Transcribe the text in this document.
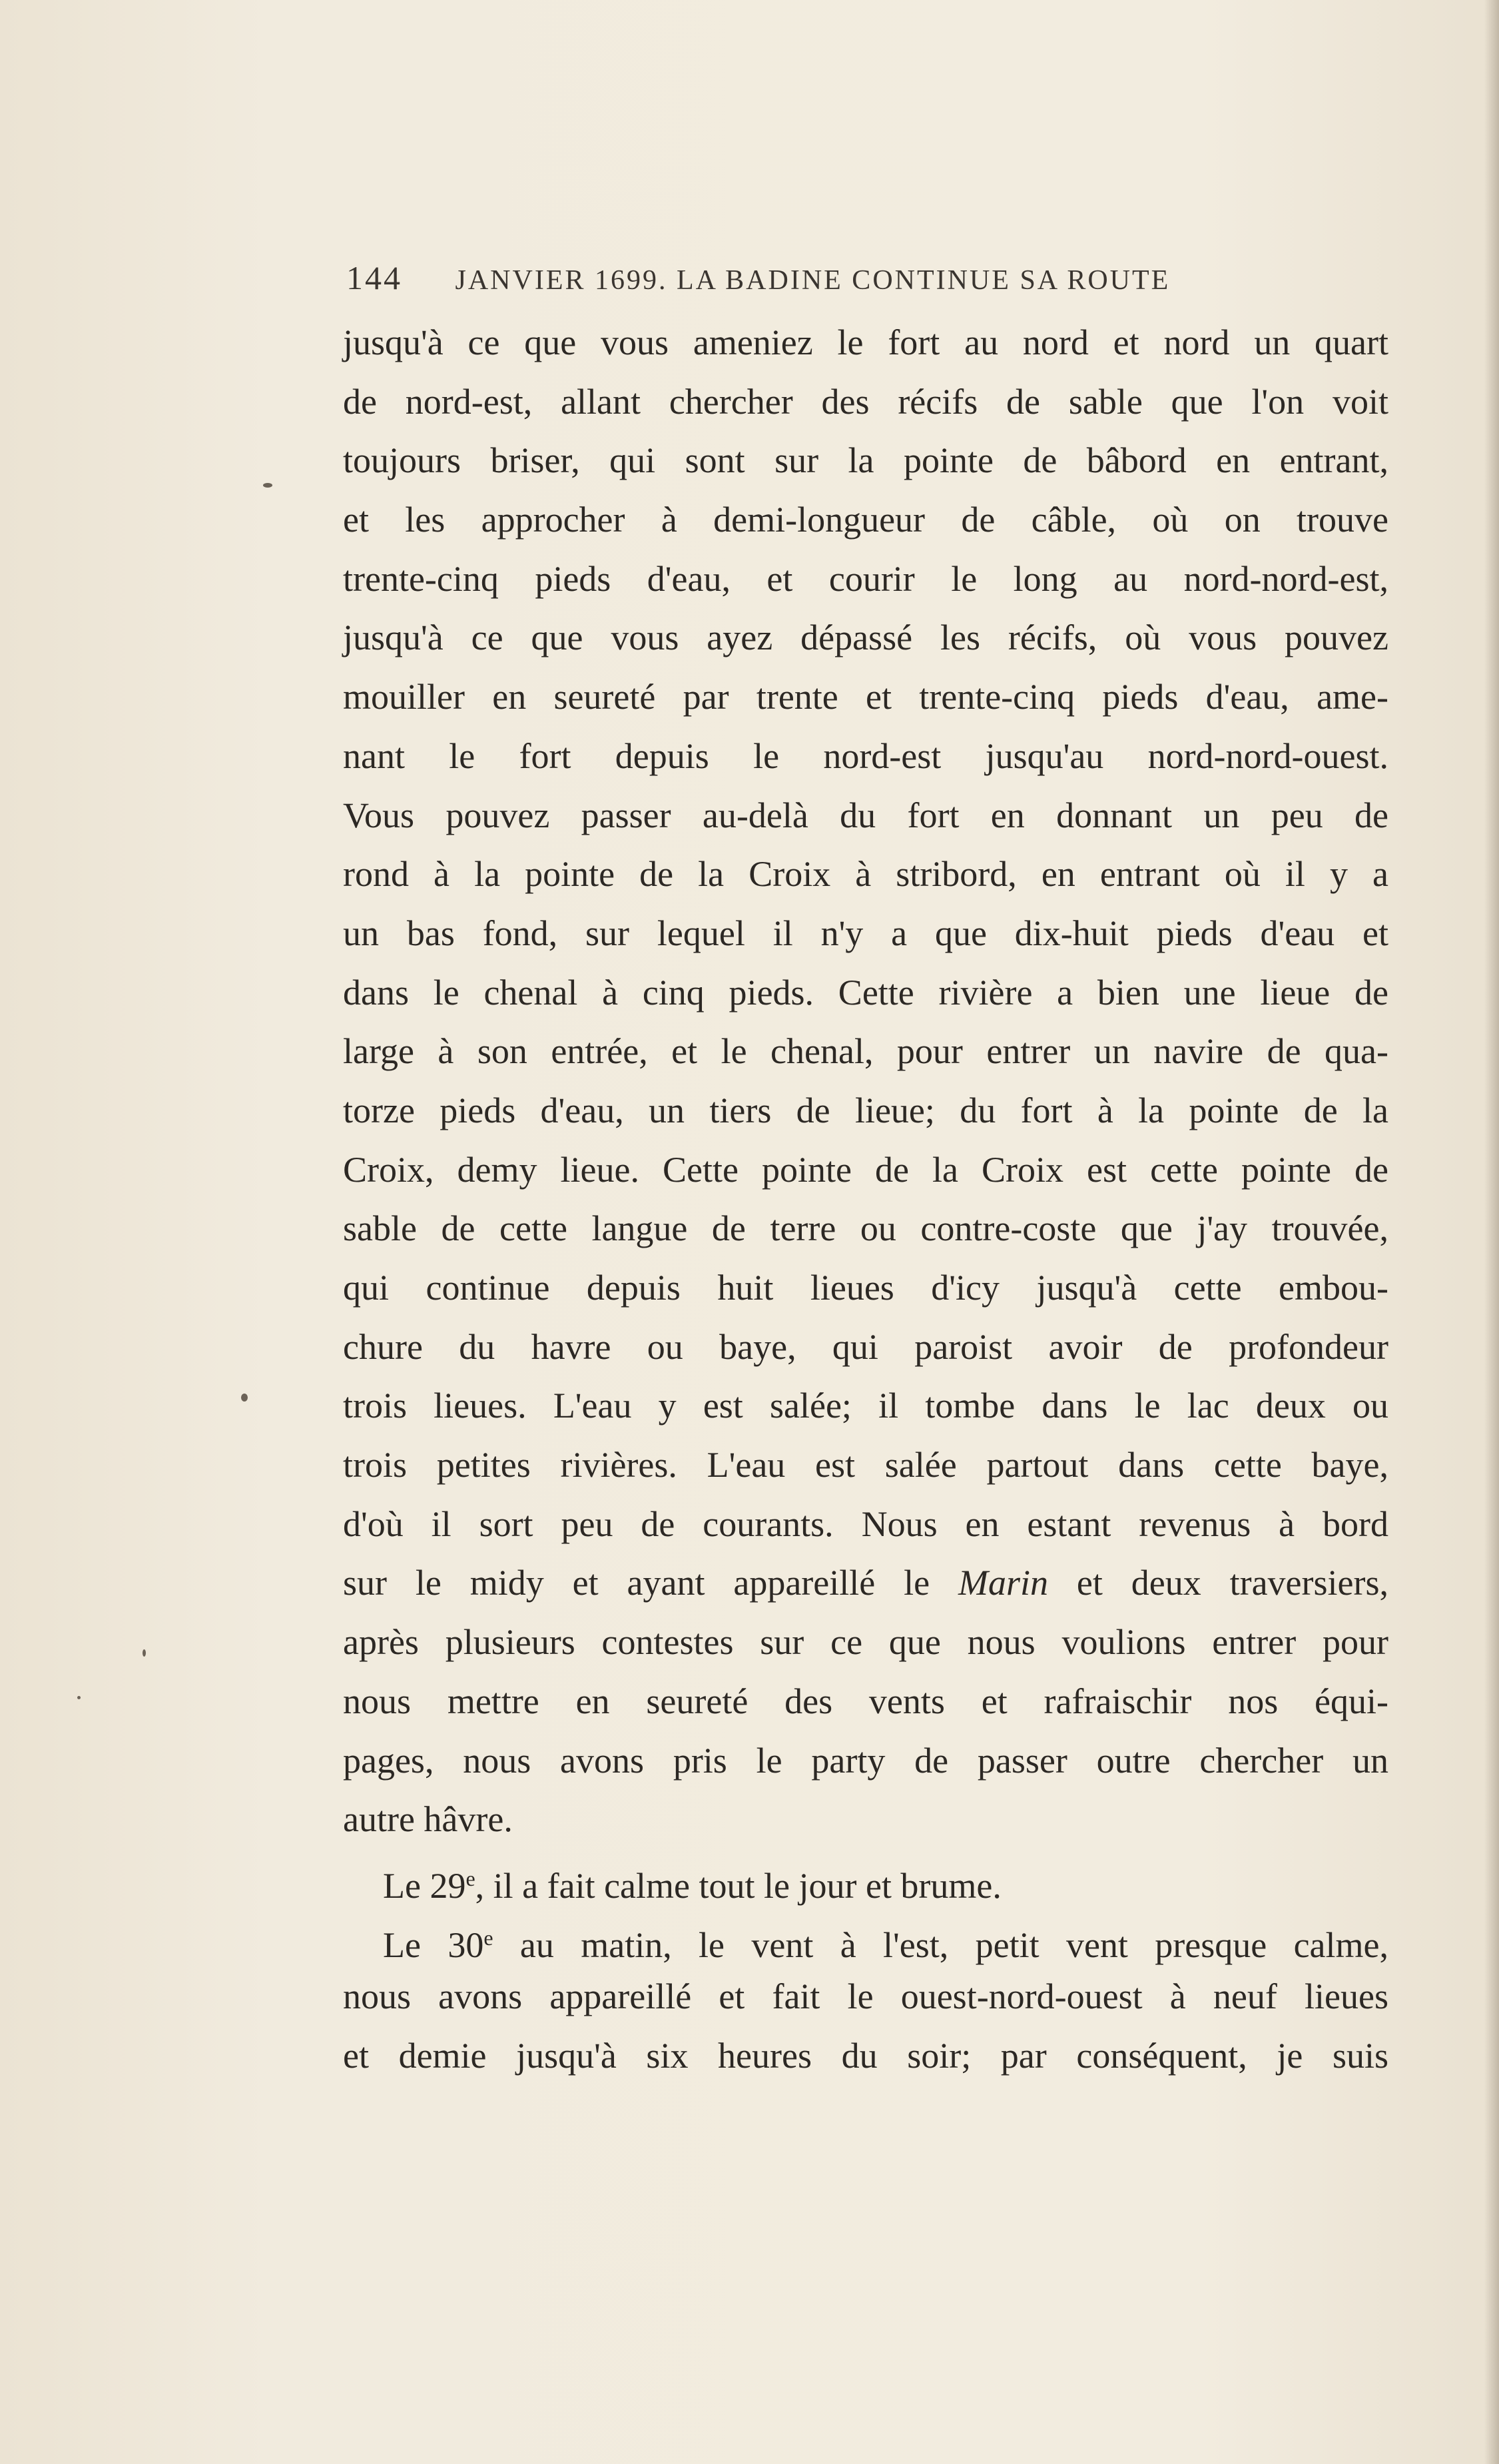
144 JANVIER 1699. LA BADINE CONTINUE SA ROUTE
jusqu'à ce que vous ameniez le fort au nord et nord un quart
de nord-est, allant chercher des récifs de sable que l'on voit
toujours briser, qui sont sur la pointe de bâbord en entrant,
et les approcher à demi-longueur de câble, où on trouve
trente-cinq pieds d'eau, et courir le long au nord-nord-est,
jusqu'à ce que vous ayez dépassé les récifs, où vous pouvez
mouiller en seureté par trente et trente-cinq pieds d'eau, ame-
nant le fort depuis le nord-est jusqu'au nord-nord-ouest.
Vous pouvez passer au-delà du fort en donnant un peu de
rond à la pointe de la Croix à stribord, en entrant où il y a
un bas fond, sur lequel il n'y a que dix-huit pieds d'eau et
dans le chenal à cinq pieds. Cette rivière a bien une lieue de
large à son entrée, et le chenal, pour entrer un navire de qua-
torze pieds d'eau, un tiers de lieue; du fort à la pointe de la
Croix, demy lieue. Cette pointe de la Croix est cette pointe de
sable de cette langue de terre ou contre-coste que j'ay trouvée,
qui continue depuis huit lieues d'icy jusqu'à cette embou-
chure du havre ou baye, qui paroist avoir de profondeur
trois lieues. L'eau y est salée; il tombe dans le lac deux ou
trois petites rivières. L'eau est salée partout dans cette baye,
d'où il sort peu de courants. Nous en estant revenus à bord
sur le midy et ayant appareillé le Marin et deux traversiers,
après plusieurs contestes sur ce que nous voulions entrer pour
nous mettre en seureté des vents et rafraischir nos équi-
pages, nous avons pris le party de passer outre chercher un
autre hâvre.
Le 29e, il a fait calme tout le jour et brume.
Le 30e au matin, le vent à l'est, petit vent presque calme,
nous avons appareillé et fait le ouest-nord-ouest à neuf lieues
et demie jusqu'à six heures du soir; par conséquent, je suis
